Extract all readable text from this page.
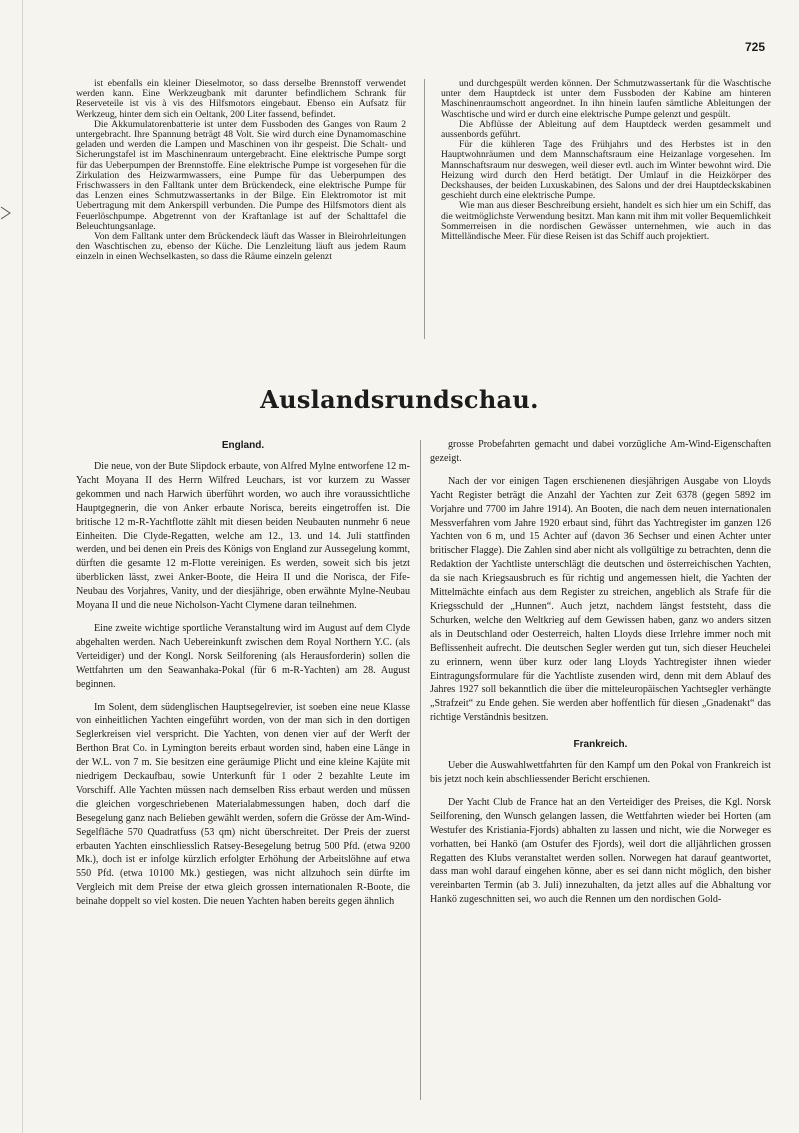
725

ist ebenfalls ein kleiner Dieselmotor, so dass derselbe Brennstoff verwendet werden kann. Eine Werkzeugbank mit darunter befindlichem Schrank für Reserveteile ist vis à vis des Hilfsmotors eingebaut. Ebenso ein Aufsatz für Werkzeug, hinter dem sich ein Oeltank, 200 Liter fassend, befindet.

Die Akkumulatorenbatterie ist unter dem Fussboden des Ganges von Raum 2 untergebracht. Ihre Spannung beträgt 48 Volt. Sie wird durch eine Dynamomaschine geladen und werden die Lampen und Maschinen von ihr gespeist. Die Schalt- und Sicherungstafel ist im Maschinenraum untergebracht. Eine elektrische Pumpe sorgt für das Ueberpumpen der Brennstoffe. Eine elektrische Pumpe ist vorgesehen für die Zirkulation des Heizwarmwassers, eine Pumpe für das Ueberpumpen des Frischwassers in den Falltank unter dem Brückendeck, eine elektrische Pumpe für das Lenzen eines Schmutzwassertanks in der Bilge. Ein Elektromotor ist mit Uebertragung mit dem Ankerspill verbunden. Die Pumpe des Hilfsmotors dient als Feuerlöschpumpe. Abgetrennt von der Kraftanlage ist auf der Schalttafel die Beleuchtungsanlage.

Von dem Falltank unter dem Brückendeck läuft das Wasser in Bleirohrleitungen den Waschtischen zu, ebenso der Küche. Die Lenzleitung läuft aus jedem Raum einzeln in einen Wechselkasten, so dass die Räume einzeln gelenzt

und durchgespült werden können. Der Schmutzwassertank für die Waschtische unter dem Hauptdeck ist unter dem Fussboden der Kabine am hinteren Maschinenraumschott angeordnet. In ihn hinein laufen sämtliche Ableitungen der Waschtische und wird er durch eine elektrische Pumpe gelenzt und gespült.

Die Abflüsse der Ableitung auf dem Hauptdeck werden gesammelt und aussenbords geführt.

Für die kühleren Tage des Frühjahrs und des Herbstes ist in den Hauptwohnräumen und dem Mannschaftsraum eine Heizanlage vorgesehen. Im Mannschaftsraum nur deswegen, weil dieser evtl. auch im Winter bewohnt wird. Die Heizung wird durch den Herd betätigt. Der Umlauf in die Heizkörper des Deckshauses, der beiden Luxuskabinen, des Salons und der drei Hauptdeckskabinen geschieht durch eine elektrische Pumpe.

Wie man aus dieser Beschreibung ersieht, handelt es sich hier um ein Schiff, das die weitmöglichste Verwendung besitzt. Man kann mit ihm mit voller Bequemlichkeit Sommerreisen in die nordischen Gewässer unternehmen, wie auch in das Mittelländische Meer. Für diese Reisen ist das Schiff auch projektiert.

Auslandsrundschau.
England.

Die neue, von der Bute Slipdock erbaute, von Alfred Mylne entworfene 12 m-Yacht Moyana II des Herrn Wilfred Leuchars, ist vor kurzem zu Wasser gekommen und nach Harwich überführt worden, wo auch ihre voraussichtliche Hauptgegnerin, die von Anker erbaute Norisca, bereits eingetroffen ist. Die britische 12 m-R-Yachtflotte zählt mit diesen beiden Neubauten nunmehr 6 neue Einheiten. Die Clyde-Regatten, welche am 12., 13. und 14. Juli stattfinden werden, und bei denen ein Preis des Königs von England zur Aussegelung kommt, dürften die gesamte 12 m-Flotte vereinigen. Es werden, soweit sich bis jetzt überblicken lässt, zwei Anker-Boote, die Heira II und die Norisca, der Fife-Neubau des Vorjahres, Vanity, und der diesjährige, oben erwähnte Mylne-Neubau Moyana II und die neue Nicholson-Yacht Clymene daran teilnehmen.

Eine zweite wichtige sportliche Veranstaltung wird im August auf dem Clyde abgehalten werden. Nach Uebereinkunft zwischen dem Royal Northern Y.C. (als Verteidiger) und der Kongl. Norsk Seilforening (als Herausforderin) sollen die Wettfahrten um den Seawanhaka-Pokal (für 6 m-R-Yachten) am 28. August beginnen.

Im Solent, dem südenglischen Hauptsegelrevier, ist soeben eine neue Klasse von einheitlichen Yachten eingeführt worden, von der man sich in den dortigen Seglerkreisen viel verspricht. Die Yachten, von denen vier auf der Werft der Berthon Brat Co. in Lymington bereits erbaut worden sind, haben eine Länge in der W.L. von 7 m. Sie besitzen eine geräumige Plicht und eine kleine Kajüte mit niedrigem Deckaufbau, sowie Unterkunft für 1 oder 2 bezahlte Leute im Vorschiff. Alle Yachten müssen nach demselben Riss erbaut werden und müssen die gleichen vorgeschriebenen Materialabmessungen haben, doch darf die Besegelung ganz nach Belieben gewählt werden, sofern die Grösse der Am-Wind-Segelfläche 570 Quadratfuss (53 qm) nicht überschreitet. Der Preis der zuerst erbauten Yachten einschliesslich Ratsey-Besegelung betrug 500 Pfd. (etwa 9200 Mk.), doch ist er infolge kürzlich erfolgter Erhöhung der Arbeitslöhne auf etwa 550 Pfd. (etwa 10100 Mk.) gestiegen, was nicht allzuhoch sein dürfte im Vergleich mit dem Preise der etwa gleich grossen internationalen R-Boote, die beinahe doppelt so viel kosten. Die neuen Yachten haben bereits gegen ähnlich

grosse Probefahrten gemacht und dabei vorzügliche Am-Wind-Eigenschaften gezeigt.

Nach der vor einigen Tagen erschienenen diesjährigen Ausgabe von Lloyds Yacht Register beträgt die Anzahl der Yachten zur Zeit 6378 (gegen 5892 im Vorjahre und 7700 im Jahre 1914). An Booten, die nach dem neuen internationalen Messverfahren vom Jahre 1920 erbaut sind, führt das Yachtregister im ganzen 126 Yachten von 6 m, und 15 Achter auf (davon 36 Sechser und einen Achter unter britischer Flagge). Die Zahlen sind aber nicht als vollgültige zu betrachten, denn die Redaktion der Yachtliste unterschlägt die deutschen und österreichischen Yachten, da sie nach Kriegsausbruch es für richtig und angemessen hielt, die Yachten der Mittelmächte einfach aus dem Register zu streichen, angeblich als Strafe für die Kriegsschuld der „Hunnen“. Auch jetzt, nachdem längst feststeht, dass die Schurken, welche den Weltkrieg auf dem Gewissen haben, ganz wo anders sitzen als in Deutschland oder Oesterreich, halten Lloyds diese Irrlehre immer noch mit Beflissenheit aufrecht. Die deutschen Segler werden gut tun, sich dieser Heuchelei zu erinnern, wenn über kurz oder lang Lloyds Yachtregister ihnen wieder Eintragungsformulare für die Yachtliste zusenden wird, denn mit dem Ablauf des Jahres 1927 soll bekanntlich die über die mitteleuropäischen Yachtsegler verhängte „Strafzeit“ zu Ende gehen. Sie werden aber hoffentlich für diesen „Gnadenakt“ das richtige Verständnis besitzen.

Frankreich.

Ueber die Auswahlwettfahrten für den Kampf um den Pokal von Frankreich ist bis jetzt noch kein abschliessender Bericht erschienen.

Der Yacht Club de France hat an den Verteidiger des Preises, die Kgl. Norsk Seilforening, den Wunsch gelangen lassen, die Wettfahrten wieder bei Horten (am Westufer des Kristiania-Fjords) abhalten zu lassen und nicht, wie die Norweger es vorhatten, bei Hankö (am Ostufer des Fjords), weil dort die alljährlichen grossen Regatten des Klubs veranstaltet werden sollen. Norwegen hat darauf geantwortet, dass man wohl darauf eingehen könne, aber es sei dann nicht möglich, den bisher vereinbarten Termin (ab 3. Juli) innezuhalten, da jetzt alles auf die Abhaltung vor Hankö zugeschnitten sei, wo auch die Rennen um den nordischen Gold-
